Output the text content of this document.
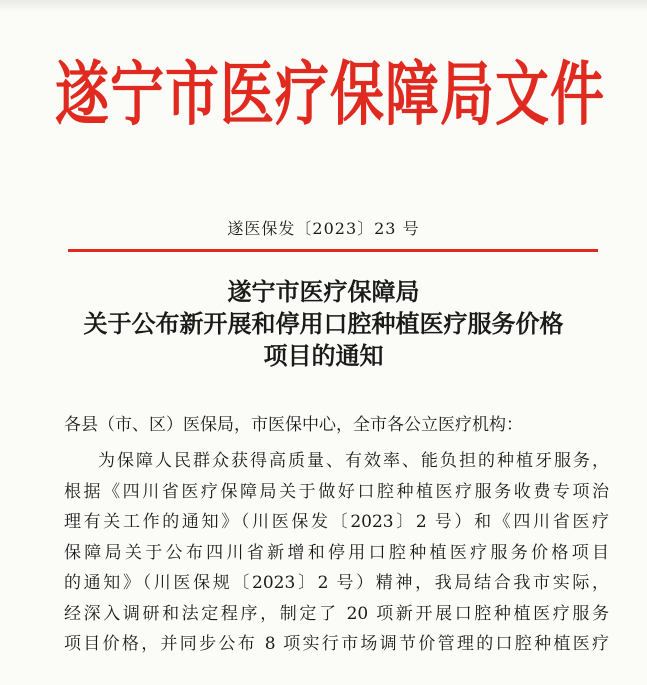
遂宁市医疗保障局文件
遂医保发〔2023〕23 号
遂宁市医疗保障局
关于公布新开展和停用口腔种植医疗服务价格
项目的通知
各县（市、区）医保局，市医保中心，全市各公立医疗机构：
为保障人民群众获得高质量、有效率、能负担的种植牙服务，
根据《四川省医疗保障局关于做好口腔种植医疗服务收费专项治
理有关工作的通知》（川医保发〔2023〕2 号）和《四川省医疗
保障局关于公布四川省新增和停用口腔种植医疗服务价格项目
的通知》（川医保规〔2023〕2 号）精神，我局结合我市实际，
经深入调研和法定程序，制定了 20 项新开展口腔种植医疗服务
项目价格，并同步公布 8 项实行市场调节价管理的口腔种植医疗
